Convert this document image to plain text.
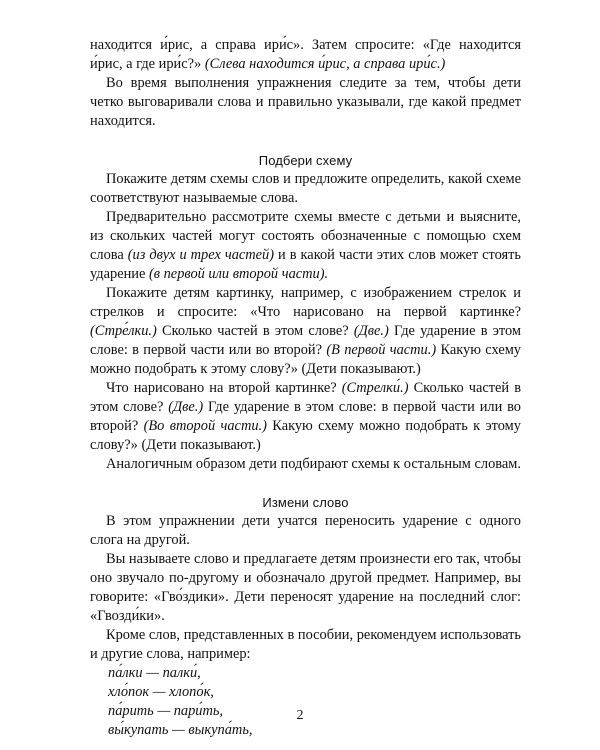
находится и́рис, а справа ири́с». Затем спросите: «Где находится и́рис, а где ири́с?» (Слева находится и́рис, а справа ири́с.)

Во время выполнения упражнения следите за тем, чтобы дети четко выговаривали слова и правильно указывали, где какой предмет находится.

Подбери схему

Покажите детям схемы слов и предложите определить, какой схеме соответствуют называемые слова.

Предварительно рассмотрите схемы вместе с детьми и выясните, из скольких частей могут состоять обозначенные с помощью схем слова (из двух и трех частей) и в какой части этих слов может стоять ударение (в первой или второй части).

Покажите детям картинку, например, с изображением стрелок и стрелков и спросите: «Что нарисовано на первой картинке? (Стре́лки.) Сколько частей в этом слове? (Две.) Где ударение в этом слове: в первой части или во второй? (В первой части.) Какую схему можно подобрать к этому слову?» (Дети показывают.)

Что нарисовано на второй картинке? (Стрелки́.) Сколько частей в этом слове? (Две.) Где ударение в этом слове: в первой части или во второй? (Во второй части.) Какую схему можно подобрать к этому слову?» (Дети показывают.)

Аналогичным образом дети подбирают схемы к остальным словам.

Измени слово

В этом упражнении дети учатся переносить ударение с одного слога на другой.

Вы называете слово и предлагаете детям произнести его так, чтобы оно звучало по-другому и обозначало другой предмет. Например, вы говорите: «Гво́здики». Дети переносят ударение на последний слог: «Гвозди́ки».

Кроме слов, представленных в пособии, рекомендуем использовать и другие слова, например:

па́лки — палки́,
хло́пок — хлопо́к,
па́рить — пари́ть,
вы́купать — выкупа́ть,
2
